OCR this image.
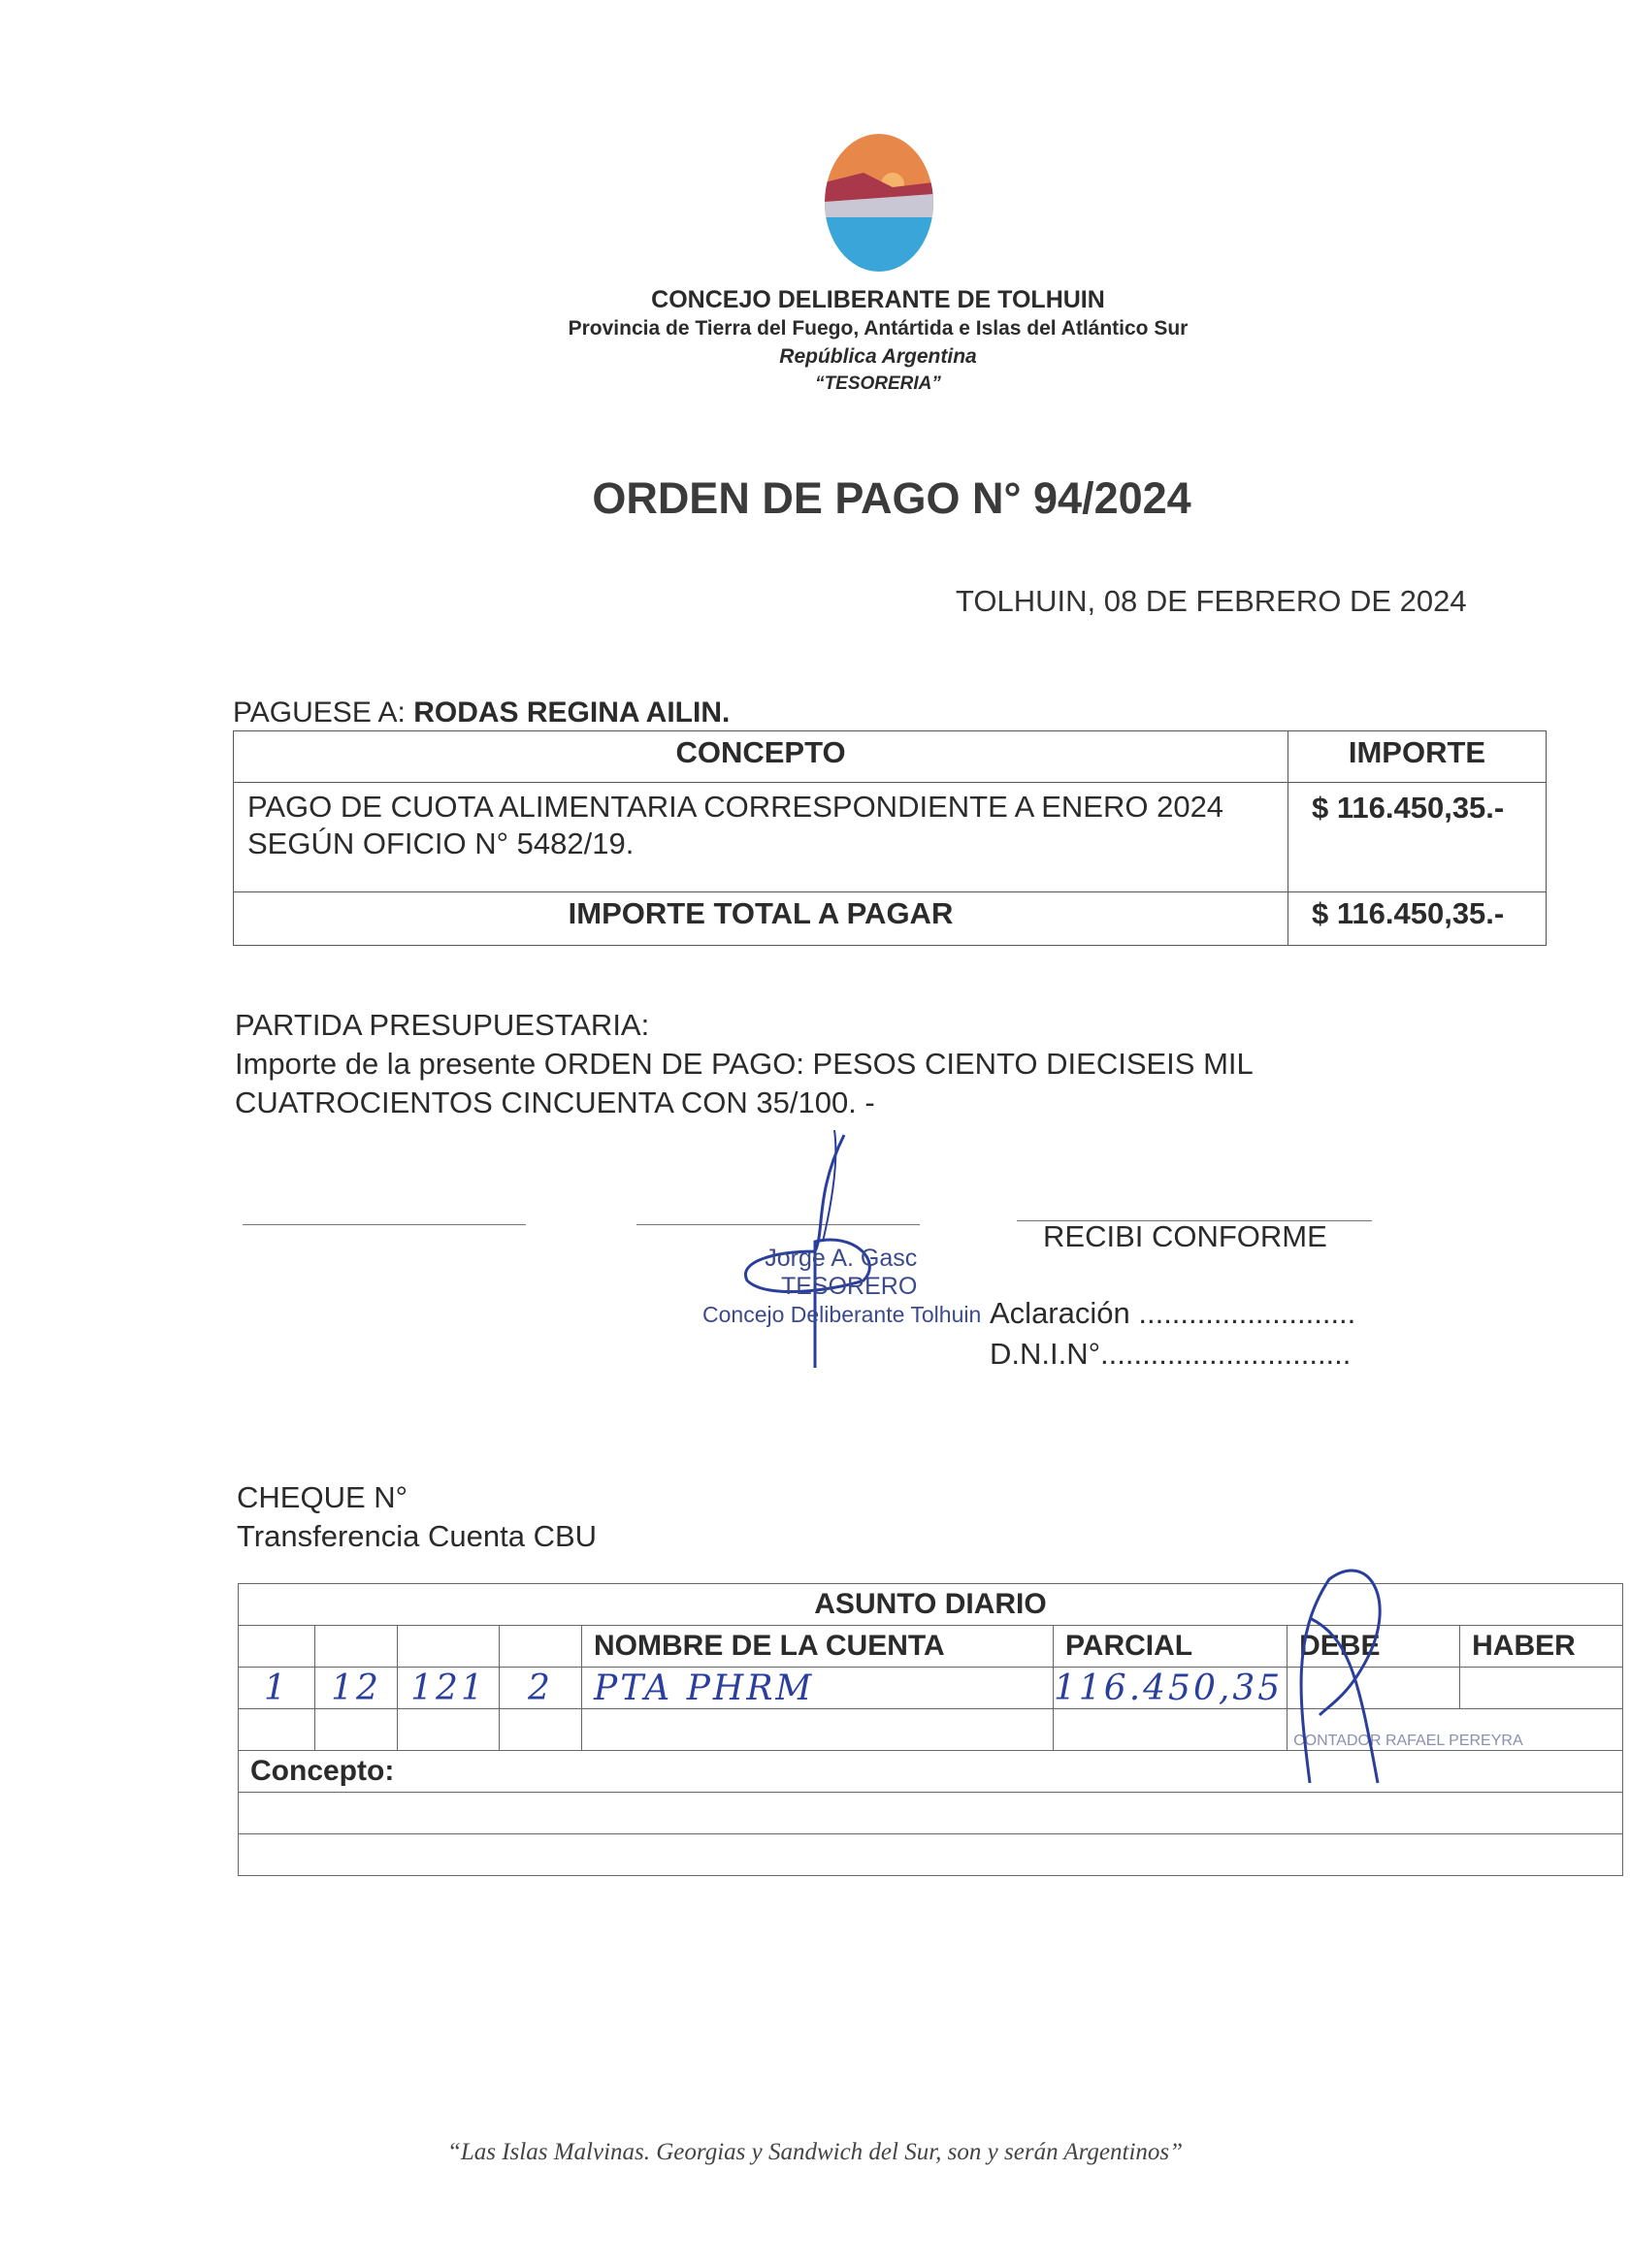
CONCEJO DELIBERANTE DE TOLHUIN
Provincia de Tierra del Fuego, Antártida e Islas del Atlántico Sur
República Argentina
“TESORERIA”
ORDEN DE PAGO N° 94/2024
TOLHUIN, 08 DE FEBRERO DE 2024
PAGUESE A: RODAS REGINA AILIN.
CONCEPTO	IMPORTE
PAGO DE CUOTA ALIMENTARIA CORRESPONDIENTE A ENERO 2024 SEGÚN OFICIO N° 5482/19.	$ 116.450,35.-
IMPORTE TOTAL A PAGAR	$ 116.450,35.-
PARTIDA PRESUPUESTARIA:
Importe de la presente ORDEN DE PAGO: PESOS CIENTO DIECISEIS MIL CUATROCIENTOS CINCUENTA CON 35/100. -
Jorge A. Gasc
TESORERO
Concejo Deliberante Tolhuin
RECIBI CONFORME
Aclaración ..........................
D.N.I.N°..............................
CHEQUE N°
Transferencia Cuenta CBU
ASUNTO DIARIO							
				NOMBRE DE LA CUENTA	PARCIAL	DEBE	HABER
1	12	121	2	PTA PHRM	116.450,35		
						CONTADOR RAFAEL PEREYRA	
Concepto:							

“Las Islas Malvinas. Georgias y Sandwich del Sur, son y serán Argentinos”
